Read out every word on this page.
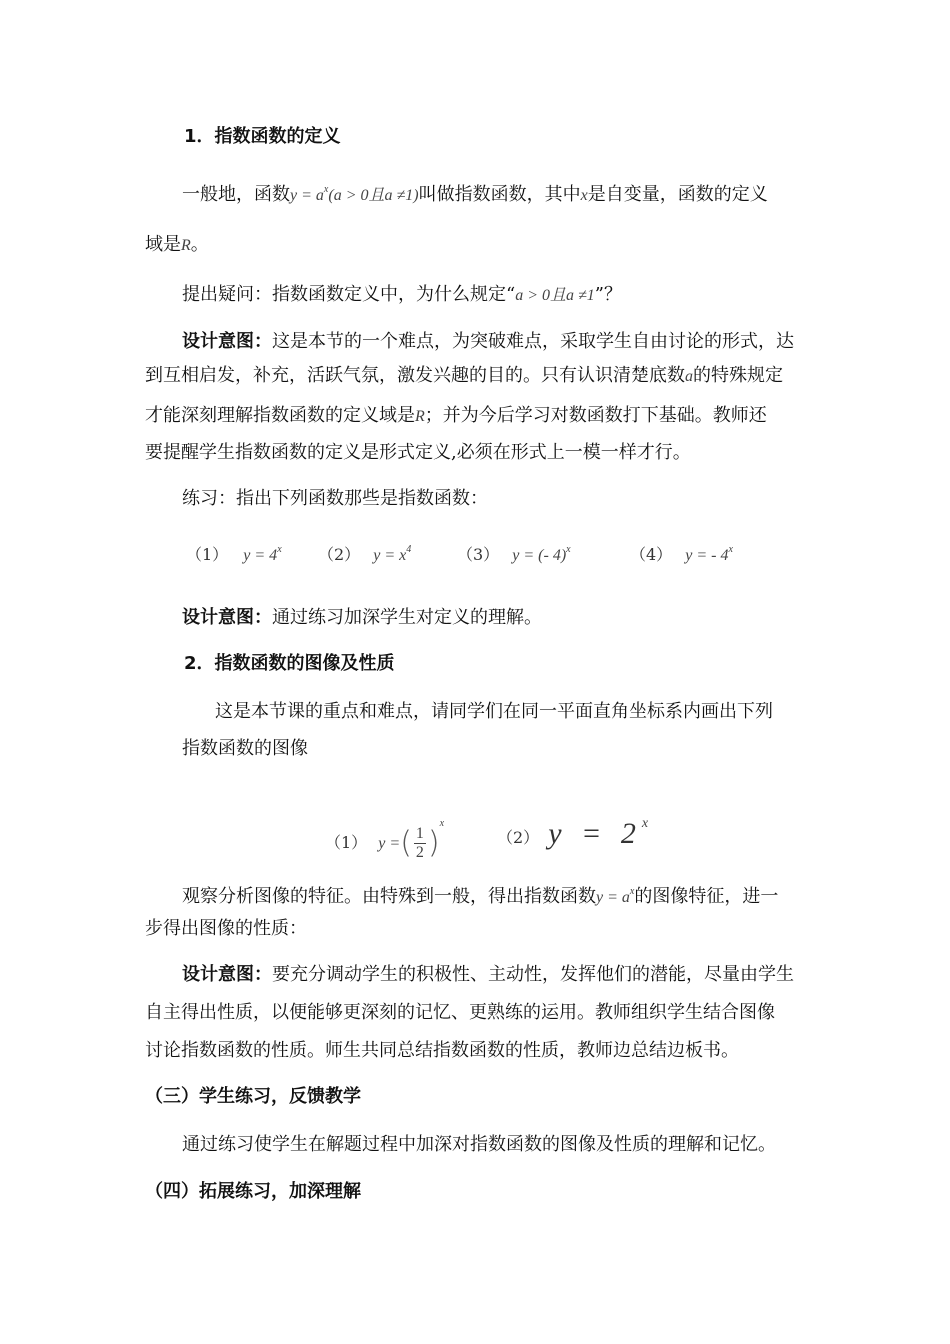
1．指数函数的定义
一般地，函数$y = a^x(a > 0$且a ≠1)叫做指数函数，其中x是自变量，函数的定义
域是R。
提出疑问：指数函数定义中，为什么规定“a > 0且a ≠1”？
设计意图：这是本节的一个难点，为突破难点，采取学生自由讨论的形式，达
到互相启发，补充，活跃气氛，激发兴趣的目的。只有认识清楚底数a的特殊规定
才能深刻理解指数函数的定义域是R；并为今后学习对数函数打下基础。教师还
要提醒学生指数函数的定义是形式定义,必须在形式上一模一样才行。
练习：指出下列函数那些是指数函数：
（1） $y = 4^x$ （2） $y = x^4$	（3） y = (- 4)$^x$	（4） y = - 4$^x$
设计意图：通过练习加深学生对定义的理解。
2．指数函数的图像及性质
这是本节课的重点和难点，请同学们在同一平面直角坐标系内画出下列
指数函数的图像
（1） y =( $\frac{1}{2} )^x$
（2） y = 2x
观察分析图像的特征。由特殊到一般，得出指数函数$y = a^x$的图像特征，进一
步得出图像的性质：
设计意图：要充分调动学生的积极性、主动性，发挥他们的潜能，尽量由学生
自主得出性质，以便能够更深刻的记忆、更熟练的运用。教师组织学生结合图像
讨论指数函数的性质。师生共同总结指数函数的性质，教师边总结边板书。
（三）学生练习，反馈教学
通过练习使学生在解题过程中加深对指数函数的图像及性质的理解和记忆。
（四）拓展练习，加深理解
